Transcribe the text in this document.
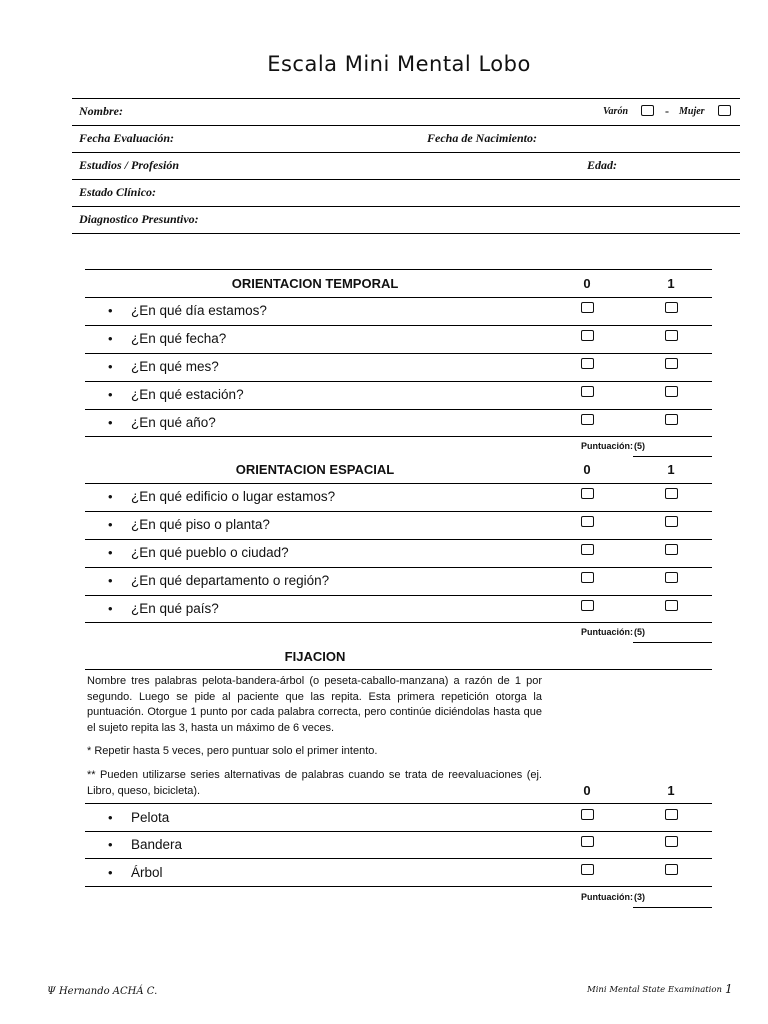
Escala Mini Mental Lobo
Nombre:	Varón	- Mujer
Fecha Evaluación:	Fecha de Nacimiento:
Estudios / Profesión	Edad:
Estado Clínico:
Diagnostico Presuntivo:
ORIENTACION TEMPORAL	0	1
• ¿En qué día estamos?
• ¿En qué fecha?
• ¿En qué mes?
• ¿En qué estación?
• ¿En qué año?
Puntuación: (5)
ORIENTACION ESPACIAL	0	1
• ¿En qué edificio o lugar estamos?
• ¿En qué piso o planta?
• ¿En qué pueblo o ciudad?
• ¿En qué departamento o región?
• ¿En qué país?
Puntuación: (5)
FIJACION
Nombre tres palabras pelota-bandera-árbol (o peseta-caballo-manzana) a razón de 1 por segundo. Luego se pide al paciente que las repita. Esta primera repetición otorga la puntuación. Otorgue 1 punto por cada palabra correcta, pero continúe diciéndolas hasta que el sujeto repita las 3, hasta un máximo de 6 veces.
* Repetir hasta 5 veces, pero puntuar solo el primer intento.
** Pueden utilizarse series alternativas de palabras cuando se trata de reevaluaciones (ej. Libro, queso, bicicleta).	0	1
• Pelota
• Bandera
• Árbol
Puntuación: (3)
Ψ Hernando ACHÁ C.	Mini Mental State Examination 1
